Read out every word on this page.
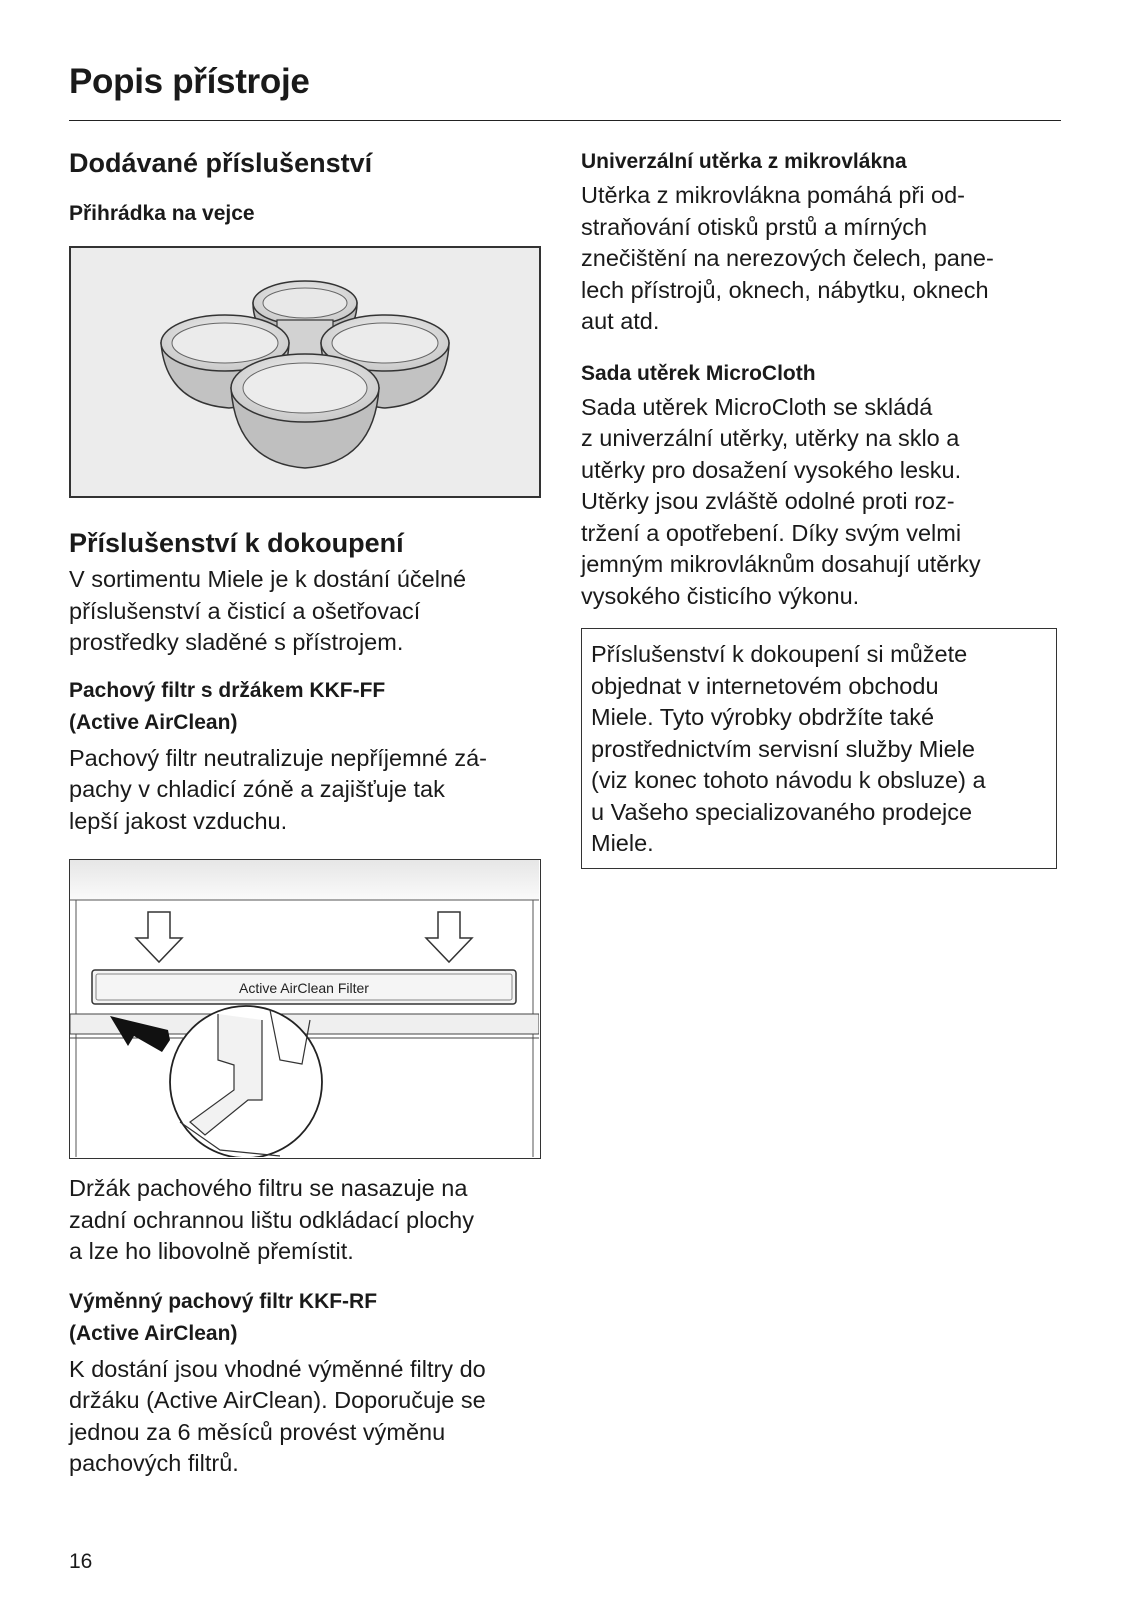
Popis přístroje
Dodávané příslušenství
Přihrádka na vejce
Příslušenství k dokoupení

V sortimentu Miele je k dostání účelné

příslušenství a čisticí a ošetřovací

prostředky sladěné s přístrojem.

Pachový filtr s držákem KKF-FF

(Active AirClean)

Pachový filtr neutralizuje nepříjemné zá-

pachy v chladicí zóně a zajišťuje tak

lepší jakost vzduchu.

Active AirClean Filter

Držák pachového filtru se nasazuje na

zadní ochrannou lištu odkládací plochy

a lze ho libovolně přemístit.

Výměnný pachový filtr KKF-RF

(Active AirClean)

K dostání jsou vhodné výměnné filtry do

držáku (Active AirClean). Doporučuje se

jednou za 6 měsíců provést výměnu

pachových filtrů.

Univerzální utěrka z mikrovlákna

Utěrka z mikrovlákna pomáhá při od-

straňování otisků prstů a mírných

znečištění na nerezových čelech, pane-

lech přístrojů, oknech, nábytku, oknech

aut atd.

Sada utěrek MicroCloth

Sada utěrek MicroCloth se skládá

z univerzální utěrky, utěrky na sklo a

utěrky pro dosažení vysokého lesku.

Utěrky jsou zvláště odolné proti roz-

tržení a opotřebení. Díky svým velmi

jemným mikrovláknům dosahují utěrky

vysokého čisticího výkonu.

Příslušenství k dokoupení si můžete

objednat v internetovém obchodu

Miele. Tyto výrobky obdržíte také

prostřednictvím servisní služby Miele

(viz konec tohoto návodu k obsluze) a

u Vašeho specializovaného prodejce

Miele.

16
